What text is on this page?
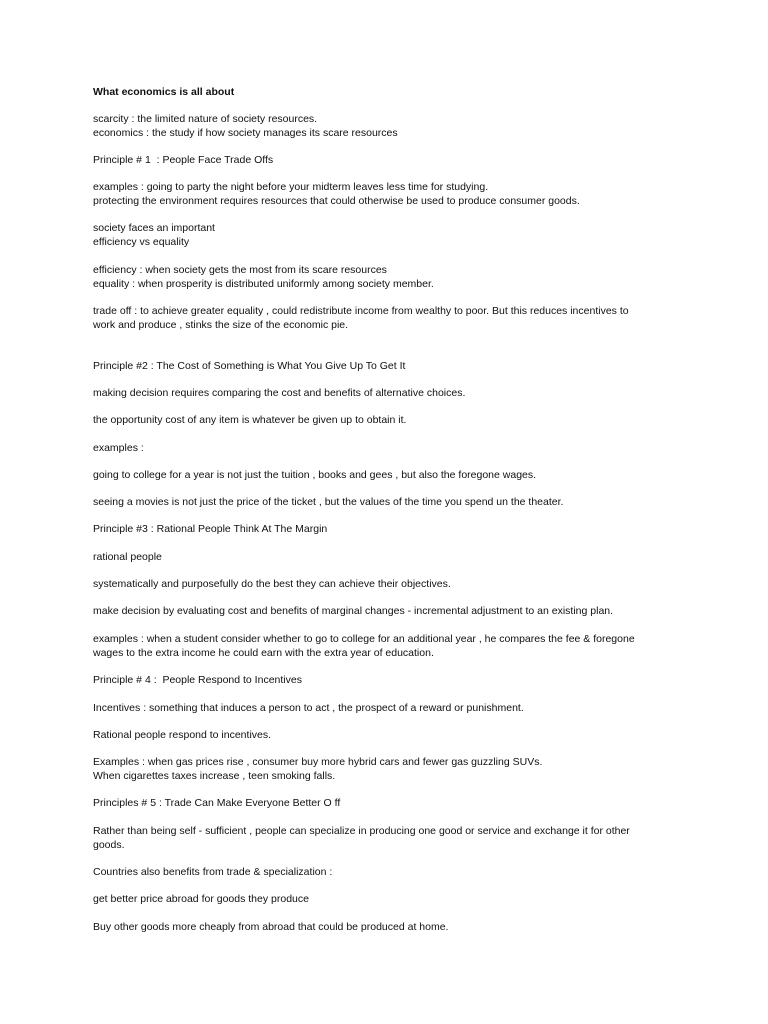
What economics is all about
scarcity : the limited nature of society resources.
economics : the study if how society manages its scare resources
Principle # 1  : People Face Trade Offs
examples : going to party the night before your midterm leaves less time for studying.
protecting the environment requires resources that could otherwise be used to produce consumer goods.
society faces an important
efficiency vs equality
efficiency : when society gets the most from its scare resources
equality : when prosperity is distributed uniformly among society member.
trade off : to achieve greater equality , could redistribute income from wealthy to poor. But this reduces incentives to
work and produce , stinks the size of the economic pie.
Principle #2 : The Cost of Something is What You Give Up To Get It
making decision requires comparing the cost and benefits of alternative choices.
the opportunity cost of any item is whatever be given up to obtain it.
examples :
going to college for a year is not just the tuition , books and gees , but also the foregone wages.
seeing a movies is not just the price of the ticket , but the values of the time you spend un the theater.
Principle #3 : Rational People Think At The Margin
rational people
systematically and purposefully do the best they can achieve their objectives.
make decision by evaluating cost and benefits of marginal changes - incremental adjustment to an existing plan.
examples : when a student consider whether to go to college for an additional year , he compares the fee & foregone
wages to the extra income he could earn with the extra year of education.
Principle # 4 :  People Respond to Incentives
Incentives : something that induces a person to act , the prospect of a reward or punishment.
Rational people respond to incentives.
Examples : when gas prices rise , consumer buy more hybrid cars and fewer gas guzzling SUVs.
When cigarettes taxes increase , teen smoking falls.
Principles # 5 : Trade Can Make Everyone Better O ff
Rather than being self - sufficient , people can specialize in producing one good or service and exchange it for other
goods.
Countries also benefits from trade & specialization :
get better price abroad for goods they produce
Buy other goods more cheaply from abroad that could be produced at home.
